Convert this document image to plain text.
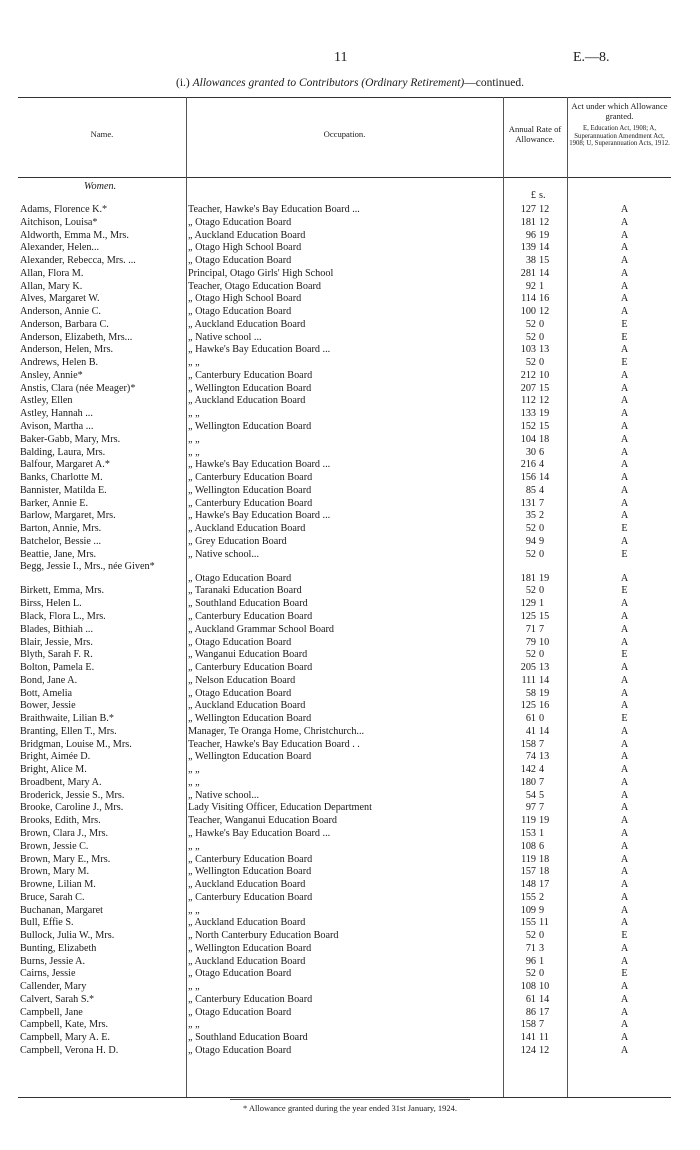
11	E.—8.
(i.) Allowances granted to Contributors (Ordinary Retirement)—continued.
Name.	Occupation.	Annual Rate of Allowance.
Act under which Allowance granted.
E, Education Act, 1908; A, Superannuation Amendment Act, 1908; U, Superannuation Acts, 1912.
£ s.
Women.
Adams, Florence K.*	Teacher, Hawke's Bay Education Board ...	127 12	A
Aitchison, Louisa*	„ Otago Education Board	181 12	A
Aldworth, Emma M., Mrs.	„ Auckland Education Board	96 19	A
Alexander, Helen...	„ Otago High School Board	139 14	A
Alexander, Rebecca, Mrs. ...	„ Otago Education Board	38 15	A
Allan, Flora M.	Principal, Otago Girls' High School	281 14	A
Allan, Mary K.	Teacher, Otago Education Board	92 1	A
Alves, Margaret W.	„ Otago High School Board	114 16	A
Anderson, Annie C.	„ Otago Education Board	100 12	A
Anderson, Barbara C.	„ Auckland Education Board	52 0	E
Anderson, Elizabeth, Mrs...	„ Native school ...	52 0	E
Anderson, Helen, Mrs.	„ Hawke's Bay Education Board ...	103 13	A
Andrews, Helen B.	„ „	52 0	E
Ansley, Annie*	„ Canterbury Education Board	212 10	A
Anstis, Clara (née Meager)*	„ Wellington Education Board	207 15	A
Astley, Ellen	„ Auckland Education Board	112 12	A
Astley, Hannah ...	„ „	133 19	A
Avison, Martha ...	„ Wellington Education Board	152 15	A
Baker-Gabb, Mary, Mrs.	„ „	104 18	A
Balding, Laura, Mrs.	„ „	30 6	A
Balfour, Margaret A.*	„ Hawke's Bay Education Board ...	216 4	A
Banks, Charlotte M.	„ Canterbury Education Board	156 14	A
Bannister, Matilda E.	„ Wellington Education Board	85 4	A
Barker, Annie E.	„ Canterbury Education Board	131 7	A
Barlow, Margaret, Mrs.	„ Hawke's Bay Education Board ...	35 2	A
Barton, Annie, Mrs.	„ Auckland Education Board	52 0	E
Batchelor, Bessie ...	„ Grey Education Board	94 9	A
Beattie, Jane, Mrs.	„ Native school...	52 0	E
Begg, Jessie I., Mrs., née Given*
„ Otago Education Board	181 19	A
Birkett, Emma, Mrs.	„ Taranaki Education Board	52 0	E
Birss, Helen L.	„ Southland Education Board	129 1	A
Black, Flora L., Mrs.	„ Canterbury Education Board	125 15	A
Blades, Bithiah ...	„ Auckland Grammar School Board	71 7	A
Blair, Jessie, Mrs.	„ Otago Education Board	79 10	A
Blyth, Sarah F. R.	„ Wanganui Education Board	52 0	E
Bolton, Pamela E.	„ Canterbury Education Board	205 13	A
Bond, Jane A.	„ Nelson Education Board	111 14	A
Bott, Amelia	„ Otago Education Board	58 19	A
Bower, Jessie	„ Auckland Education Board	125 16	A
Braithwaite, Lilian B.*	„ Wellington Education Board	61 0	E
Branting, Ellen T., Mrs.	Manager, Te Oranga Home, Christchurch...	41 14	A
Bridgman, Louise M., Mrs.	Teacher, Hawke's Bay Education Board . .	158 7	A
Bright, Aimée D.	„ Wellington Education Board	74 13	A
Bright, Alice M.	„ „	142 4	A
Broadbent, Mary A.	„ „	180 7	A
Broderick, Jessie S., Mrs.	„ Native school...	54 5	A
Brooke, Caroline J., Mrs.	Lady Visiting Officer, Education Department	97 7	A
Brooks, Edith, Mrs.	Teacher, Wanganui Education Board	119 19	A
Brown, Clara J., Mrs.	„ Hawke's Bay Education Board ...	153 1	A
Brown, Jessie C.	„ „	108 6	A
Brown, Mary E., Mrs.	„ Canterbury Education Board	119 18	A
Brown, Mary M.	„ Wellington Education Board	157 18	A
Browne, Lilian M.	„ Auckland Education Board	148 17	A
Bruce, Sarah C.	„ Canterbury Education Board	155 2	A
Buchanan, Margaret	„ „	109 9	A
Bull, Effie S.	„ Auckland Education Board	155 11	A
Bullock, Julia W., Mrs.	„ North Canterbury Education Board	52 0	E
Bunting, Elizabeth	„ Wellington Education Board	71 3	A
Burns, Jessie A.	„ Auckland Education Board	96 1	A
Cairns, Jessie	„ Otago Education Board	52 0	E
Callender, Mary	„ „	108 10	A
Calvert, Sarah S.*	„ Canterbury Education Board	61 14	A
Campbell, Jane	„ Otago Education Board	86 17	A
Campbell, Kate, Mrs.	„ „	158 7	A
Campbell, Mary A. E.	„ Southland Education Board	141 11	A
Campbell, Verona H. D.	„ Otago Education Board	124 12	A
* Allowance granted during the year ended 31st January, 1924.
